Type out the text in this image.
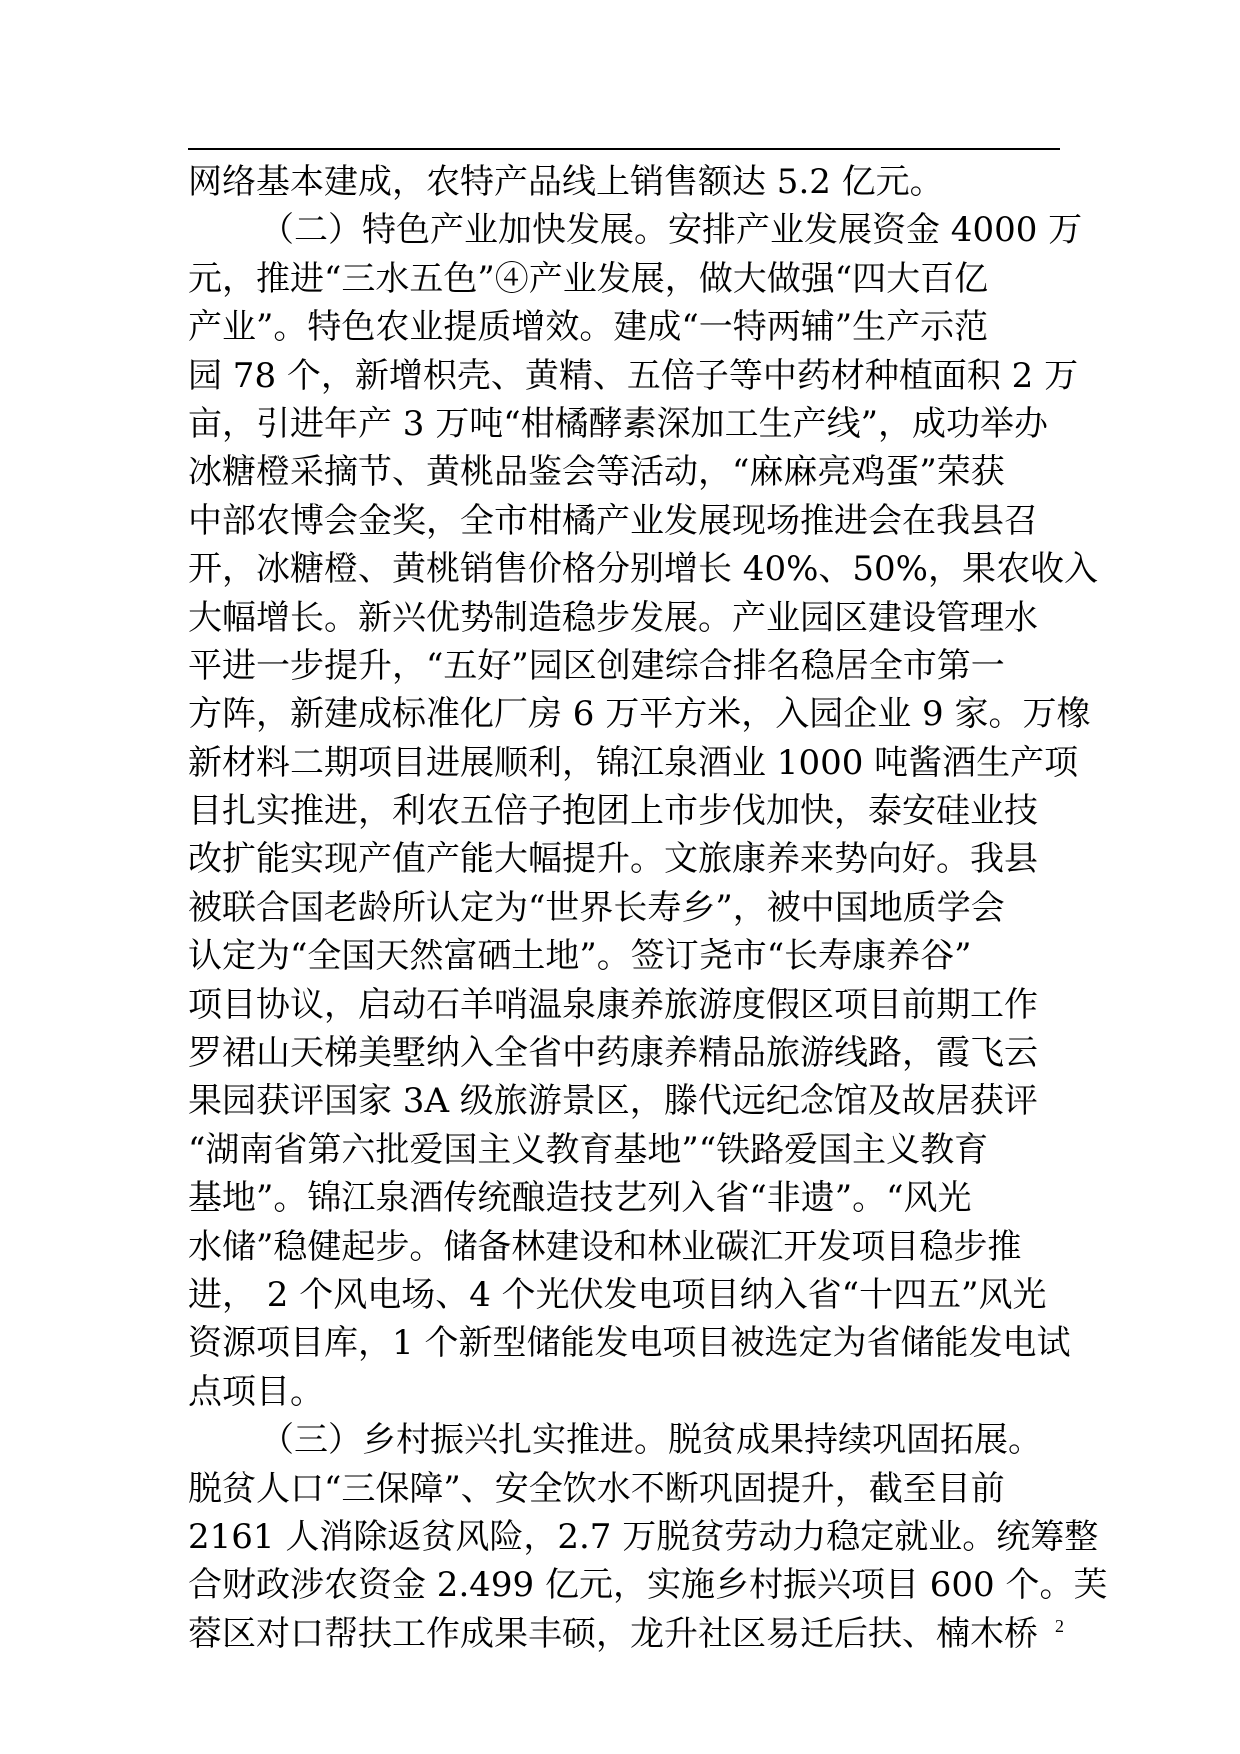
网络基本建成，农特产品线上销售额达 5.2 亿元。
（二）特色产业加快发展。安排产业发展资金 4000 万
元，推进“三水五色”④产业发展，做大做强“四大百亿
产业”。特色农业提质增效。建成“一特两辅”生产示范
园 78 个，新增枳壳、黄精、五倍子等中药材种植面积 2 万
亩，引进年产 3 万吨“柑橘酵素深加工生产线”，成功举办
冰糖橙采摘节、黄桃品鉴会等活动，“麻麻亮鸡蛋”荣获
中部农博会金奖，全市柑橘产业发展现场推进会在我县召
开，冰糖橙、黄桃销售价格分别增长 40%、50%，果农收入
大幅增长。新兴优势制造稳步发展。产业园区建设管理水
平进一步提升，“五好”园区创建综合排名稳居全市第一
方阵，新建成标准化厂房 6 万平方米，入园企业 9 家。万橡
新材料二期项目进展顺利，锦江泉酒业 1000 吨酱酒生产项
目扎实推进，利农五倍子抱团上市步伐加快，泰安硅业技
改扩能实现产值产能大幅提升。文旅康养来势向好。我县
被联合国老龄所认定为“世界长寿乡”，被中国地质学会
认定为“全国天然富硒土地”。签订尧市“长寿康养谷”
项目协议，启动石羊哨温泉康养旅游度假区项目前期工作
罗裙山天梯美墅纳入全省中药康养精品旅游线路，霞飞云
果园获评国家 3A 级旅游景区，滕代远纪念馆及故居获评
“湖南省第六批爱国主义教育基地”“铁路爱国主义教育
基地”。锦江泉酒传统酿造技艺列入省“非遗”。“风光
水储”稳健起步。储备林建设和林业碳汇开发项目稳步推
进， 2 个风电场、4 个光伏发电项目纳入省“十四五”风光
资源项目库，1 个新型储能发电项目被选定为省储能发电试
点项目。
（三）乡村振兴扎实推进。脱贫成果持续巩固拓展。
脱贫人口“三保障”、安全饮水不断巩固提升，截至目前
2161 人消除返贫风险，2.7 万脱贫劳动力稳定就业。统筹整
合财政涉农资金 2.499 亿元，实施乡村振兴项目 600 个。芙
蓉区对口帮扶工作成果丰硕，龙升社区易迁后扶、楠木桥 2
